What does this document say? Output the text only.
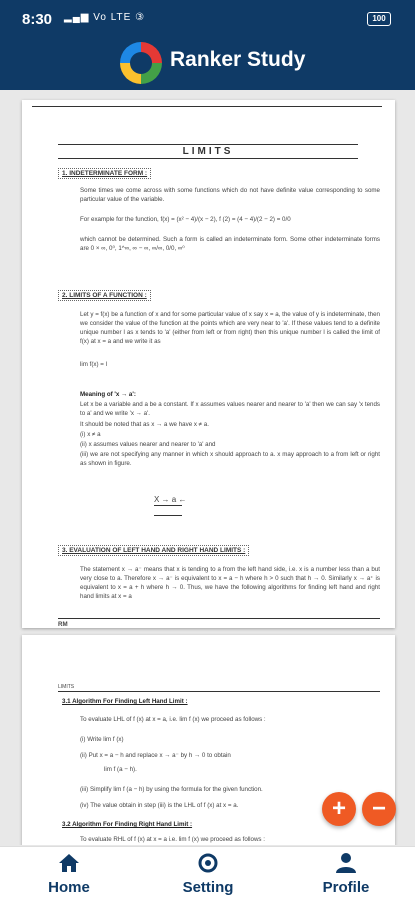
8:30 ▂▄▆ Vo LTE ③	100
Ranker Study
LIMITS
1. INDETERMINATE FORM :
Some times we come across with some functions which do not have definite value corresponding to some particular value of the variable.
For example for the function, f(x) = (x² − 4)/(x − 2), f (2) = (4 − 4)/(2 − 2) = 0/0
which cannot be determined. Such a form is called an indeterminate form. Some other indeterminate forms are 0 × ∞, 0⁰, 1^∞, ∞ − ∞, ∞/∞, 0/0, ∞⁰
2. LIMITS OF A FUNCTION :
Let y = f(x) be a function of x and for some particular value of x say x = a, the value of y is indeterminate, then we consider the value of the function at the points which are very near to 'a'. If these values tend to a definite unique number l as x tends to 'a' (either from left or from right) then this unique number l is called the limit of f(x) at x = a and we write it as
lim f(x) = l
Meaning of 'x → a':
Let x be a variable and a be a constant. If x assumes values nearer and nearer to 'a' then we can say 'x tends to a' and we write 'x → a'.
It should be noted that as x → a we have x ≠ a.
(i) x ≠ a
(ii) x assumes values nearer and nearer to 'a' and
(iii) we are not specifying any manner in which x should approach to a. x may approach to a from left or right as shown in figure.
X → a ←
3. EVALUATION OF LEFT HAND AND RIGHT HAND LIMITS :
The statement x → a⁻ means that x is tending to a from the left hand side, i.e. x is a number less than a but very close to a. Therefore x → a⁻ is equivalent to x = a − h where h > 0 such that h → 0. Similarly x → a⁺ is equivalent to x = a + h where h → 0. Thus, we have the following algorithms for finding left hand and right hand limits at x = a
RM
LIMITS
3.1 Algorithm For Finding Left Hand Limit :
To evaluate LHL of f (x) at x = a, i.e. lim f (x) we proceed as follows :
(i) Write lim f (x)
(ii) Put x = a − h and replace x → a⁻ by h → 0 to obtain
lim f (a − h).
(iii) Simplify lim f (a − h) by using the formula for the given function.
(iv) The value obtain in step (iii) is the LHL of f (x) at x = a.
3.2 Algorithm For Finding Right Hand Limit :
To evaluate RHL of f (x) at x = a i.e. lim f (x) we proceed as follows :
+	−
Home	Setting	Profile
